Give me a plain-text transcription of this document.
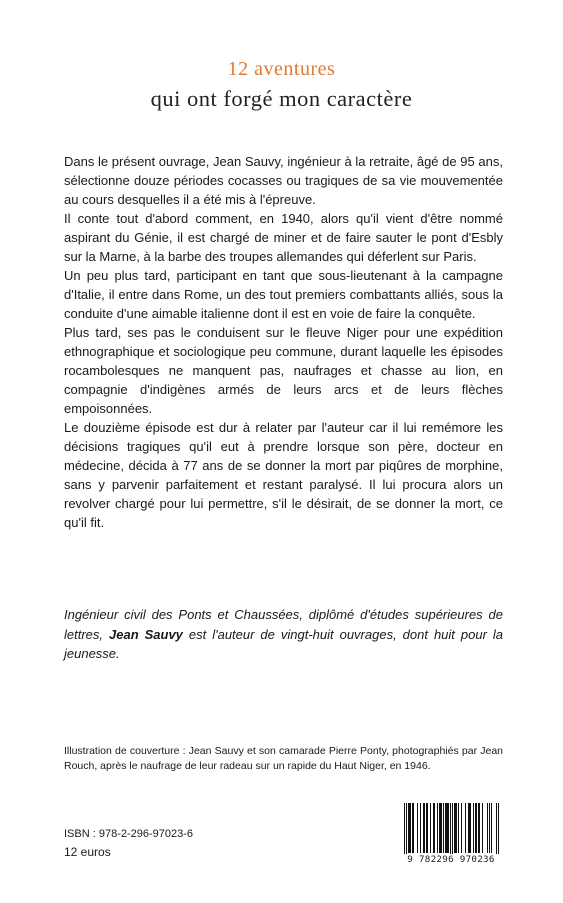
12 aventures
qui ont forgé mon caractère

Dans le présent ouvrage, Jean Sauvy, ingénieur à la retraite, âgé de 95 ans, sélectionne douze périodes cocasses ou tragiques de sa vie mouvementée au cours desquelles il a été mis à l'épreuve.

Il conte tout d'abord comment, en 1940, alors qu'il vient d'être nommé aspirant du Génie, il est chargé de miner et de faire sauter le pont d'Esbly sur la Marne, à la barbe des troupes allemandes qui déferlent sur Paris.

Un peu plus tard, participant en tant que sous-lieutenant à la campagne d'Italie, il entre dans Rome, un des tout premiers combattants alliés, sous la conduite d'une aimable italienne dont il est en voie de faire la conquête.

Plus tard, ses pas le conduisent sur le fleuve Niger pour une expédition ethnographique et sociologique peu commune, durant laquelle les épisodes rocambolesques ne manquent pas, naufrages et chasse au lion, en compagnie d'indigènes armés de leurs arcs et de leurs flèches empoisonnées.

Le douzième épisode est dur à relater par l'auteur car il lui remémore les décisions tragiques qu'il eut à prendre lorsque son père, docteur en médecine, décida à 77 ans de se donner la mort par piqûres de morphine, sans y parvenir parfaitement et restant paralysé. Il lui procura alors un revolver chargé pour lui permettre, s'il le désirait, de se donner la mort, ce qu'il fit.

Ingénieur civil des Ponts et Chaussées, diplômé d'études supérieures de lettres, Jean Sauvy est l'auteur de vingt-huit ouvrages, dont huit pour la jeunesse.
Illustration de couverture : Jean Sauvy et son camarade Pierre Ponty, photographiés par Jean Rouch, après le naufrage de leur radeau sur un rapide du Haut Niger, en 1946.
ISBN : 978-2-296-97023-6
12 euros
9 782296 970236
